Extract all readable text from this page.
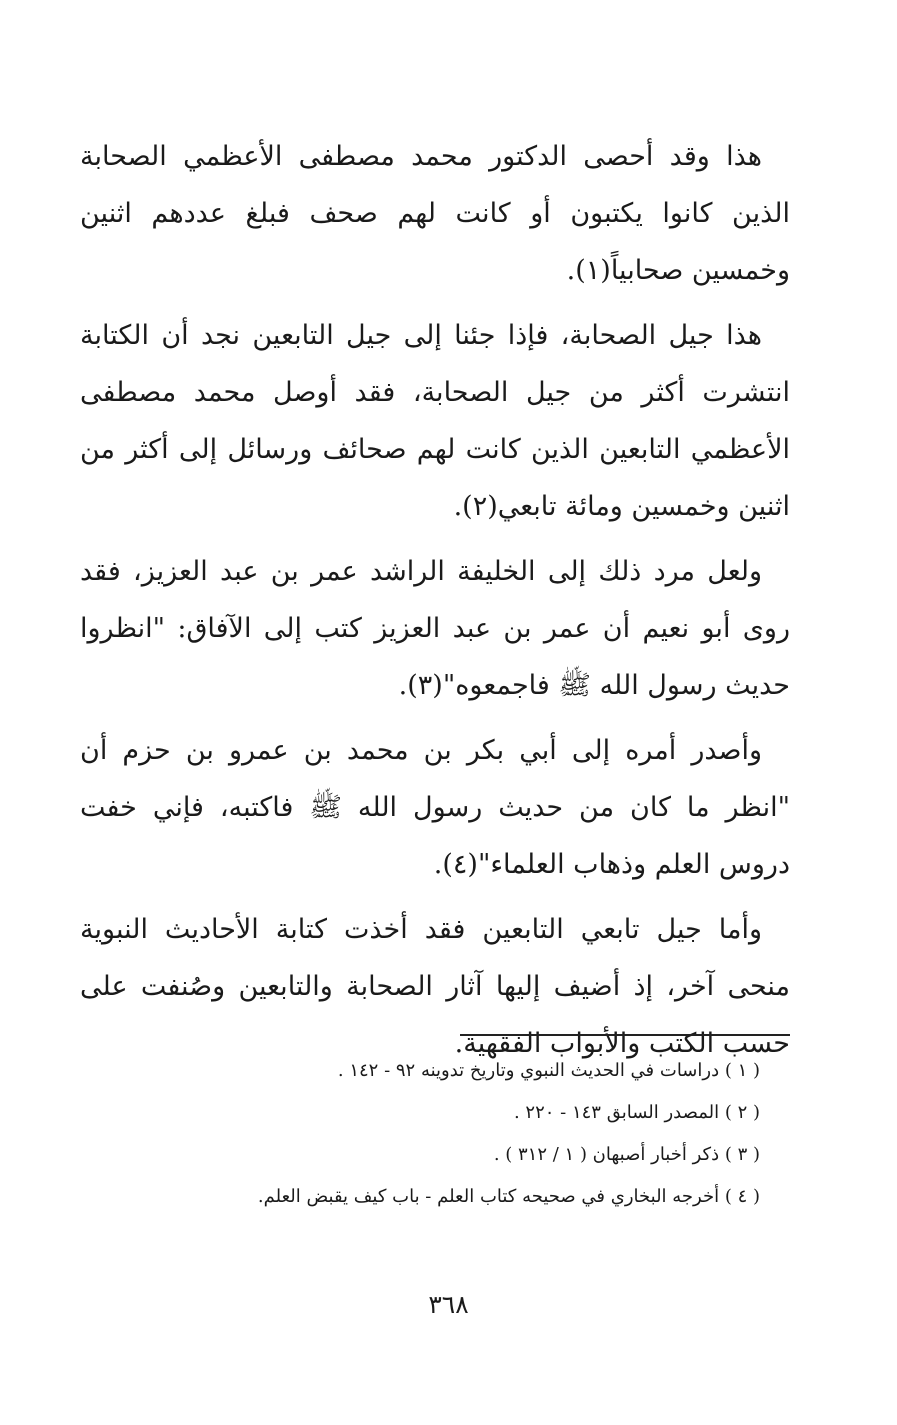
هذا وقد أحصى الدكتور محمد مصطفى الأعظمي الصحابة الذين كانوا يكتبون أو كانت لهم صحف فبلغ عددهم اثنين وخمسين صحابياً(١).

هذا جيل الصحابة، فإذا جئنا إلى جيل التابعين نجد أن الكتابة انتشرت أكثر من جيل الصحابة، فقد أوصل محمد مصطفى الأعظمي التابعين الذين كانت لهم صحائف ورسائل إلى أكثر من اثنين وخمسين ومائة تابعي(٢).

ولعل مرد ذلك إلى الخليفة الراشد عمر بن عبد العزيز، فقد روى أبو نعيم أن عمر بن عبد العزيز كتب إلى الآفاق: "انظروا حديث رسول الله ﷺ فاجمعوه"(٣).

وأصدر أمره إلى أبي بكر بن محمد بن عمرو بن حزم أن "انظر ما كان من حديث رسول الله ﷺ فاكتبه، فإني خفت دروس العلم وذهاب العلماء"(٤).

وأما جيل تابعي التابعين فقد أخذت كتابة الأحاديث النبوية منحى آخر، إذ أضيف إليها آثار الصحابة والتابعين وصُنفت على حسب الكتب والأبواب الفقهية.

( ١ ) دراسات في الحديث النبوي وتاريخ تدوينه ٩٢ - ١٤٢ .

( ٢ ) المصدر السابق ١٤٣ - ٢٢٠ .

( ٣ ) ذكر أخبار أصبهان ( ١ / ٣١٢ ) .

( ٤ ) أخرجه البخاري في صحيحه كتاب العلم - باب كيف يقبض العلم.

٣٦٨
